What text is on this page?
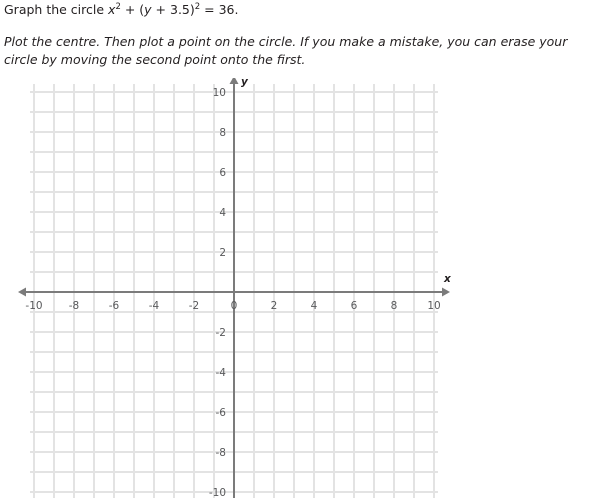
Graph the circle $x^2 + (y + 3.5)^2 = 36$.
Plot the centre. Then plot a point on the circle. If you make a mistake, you can erase your circle by moving the second point onto the first.
x
y
-10 -8	-6	-4	-2	0	2	4	6	8	10
10
8
6
4
2
-2
-4
-6
-8
-10
